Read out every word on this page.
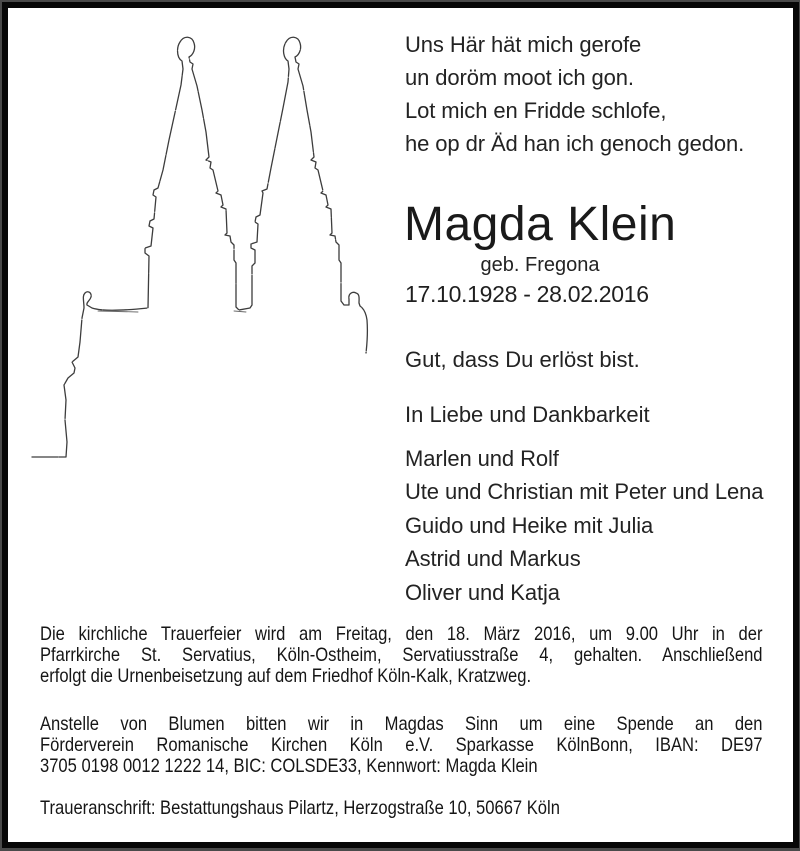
Uns Här hät mich gerofe
un doröm moot ich gon.
Lot mich en Fridde schlofe,
he op dr Äd han ich genoch gedon.
Magda Klein
geb. Fregona
17.10.1928 - 28.02.2016
Gut, dass Du erlöst bist.
In Liebe und Dankbarkeit
Marlen und Rolf
Ute und Christian mit Peter und Lena
Guido und Heike mit Julia
Astrid und Markus
Oliver und Katja
Die kirchliche Trauerfeier wird am Freitag, den 18. März 2016, um 9.00 Uhr in der
Pfarrkirche St. Servatius, Köln-Ostheim, Servatiusstraße 4, gehalten. Anschließend
erfolgt die Urnenbeisetzung auf dem Friedhof Köln-Kalk, Kratzweg.
Anstelle von Blumen bitten wir in Magdas Sinn um eine Spende an den
Förderverein Romanische Kirchen Köln e.V. Sparkasse KölnBonn, IBAN: DE97
3705 0198 0012 1222 14, BIC: COLSDE33, Kennwort: Magda Klein
Traueranschrift: Bestattungshaus Pilartz, Herzogstraße 10, 50667 Köln
